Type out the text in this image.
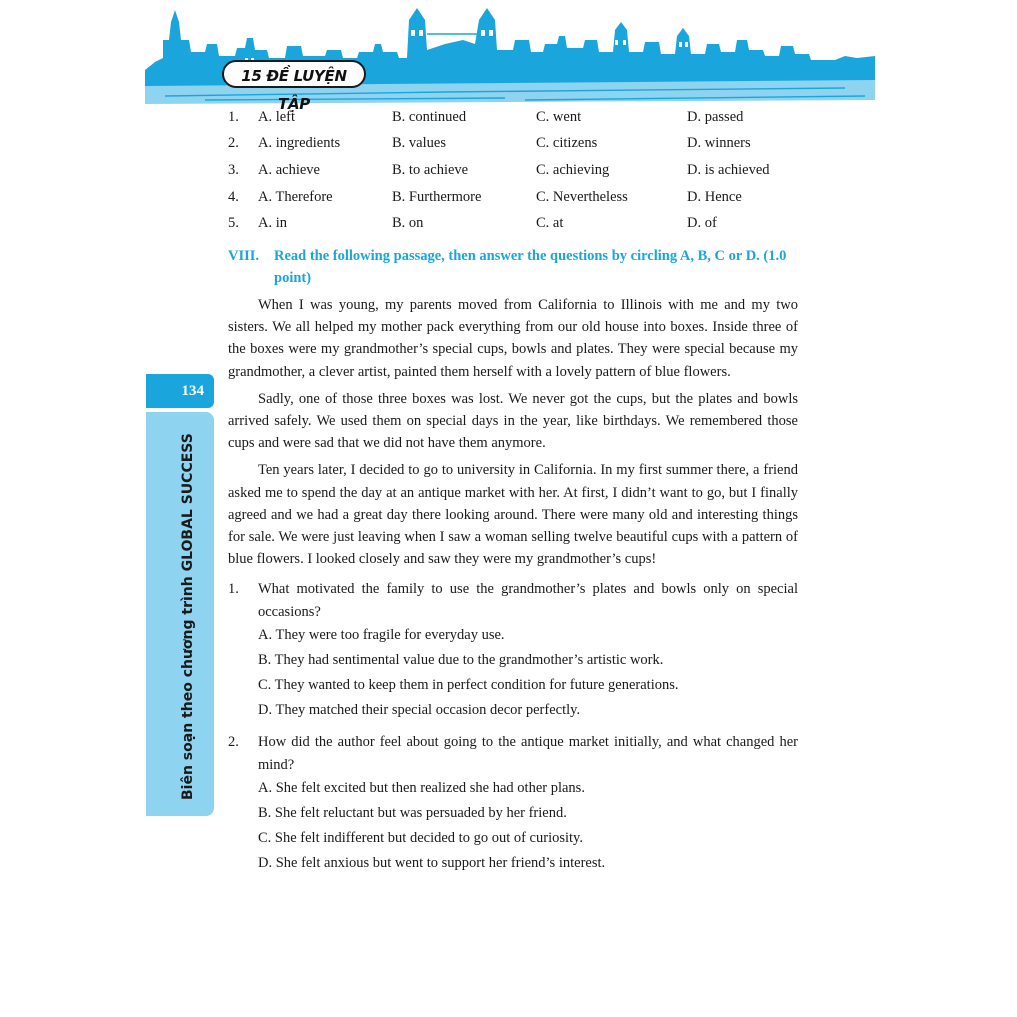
15 ĐỀ LUYỆN TẬP
134
Biên soạn theo chương trình GLOBAL SUCCESS
1.	A. left	B. continued	C. went	D. passed
2.	A. ingredients	B. values	C. citizens	D. winners
3.	A. achieve	B. to achieve	C. achieving	D. is achieved
4.	A. Therefore	B. Furthermore	C. Nevertheless	D. Hence
5.	A. in	B. on	C. at	D. of
VIII.	Read the following passage, then answer the questions by circling A, B, C or D. (1.0 point)

When I was young, my parents moved from California to Illinois with me and my two sisters. We all helped my mother pack everything from our old house into boxes. Inside three of the boxes were my grandmother’s special cups, bowls and plates. They were special because my grandmother, a clever artist, painted them herself with a lovely pattern of blue flowers.

Sadly, one of those three boxes was lost. We never got the cups, but the plates and bowls arrived safely. We used them on special days in the year, like birthdays. We remembered those cups and were sad that we did not have them anymore.

Ten years later, I decided to go to university in California. In my first summer there, a friend asked me to spend the day at an antique market with her. At first, I didn’t want to go, but I finally agreed and we had a great day there looking around. There were many old and interesting things for sale. We were just leaving when I saw a woman selling twelve beautiful cups with a pattern of blue flowers. I looked closely and saw they were my grandmother’s cups!

1.	What motivated the family to use the grandmother’s plates and bowls only on special occasions?
A. They were too fragile for everyday use.
B. They had sentimental value due to the grandmother’s artistic work.
C. They wanted to keep them in perfect condition for future generations.
D. They matched their special occasion decor perfectly.
2.	How did the author feel about going to the antique market initially, and what changed her mind?
A. She felt excited but then realized she had other plans.
B. She felt reluctant but was persuaded by her friend.
C. She felt indifferent but decided to go out of curiosity.
D. She felt anxious but went to support her friend’s interest.
